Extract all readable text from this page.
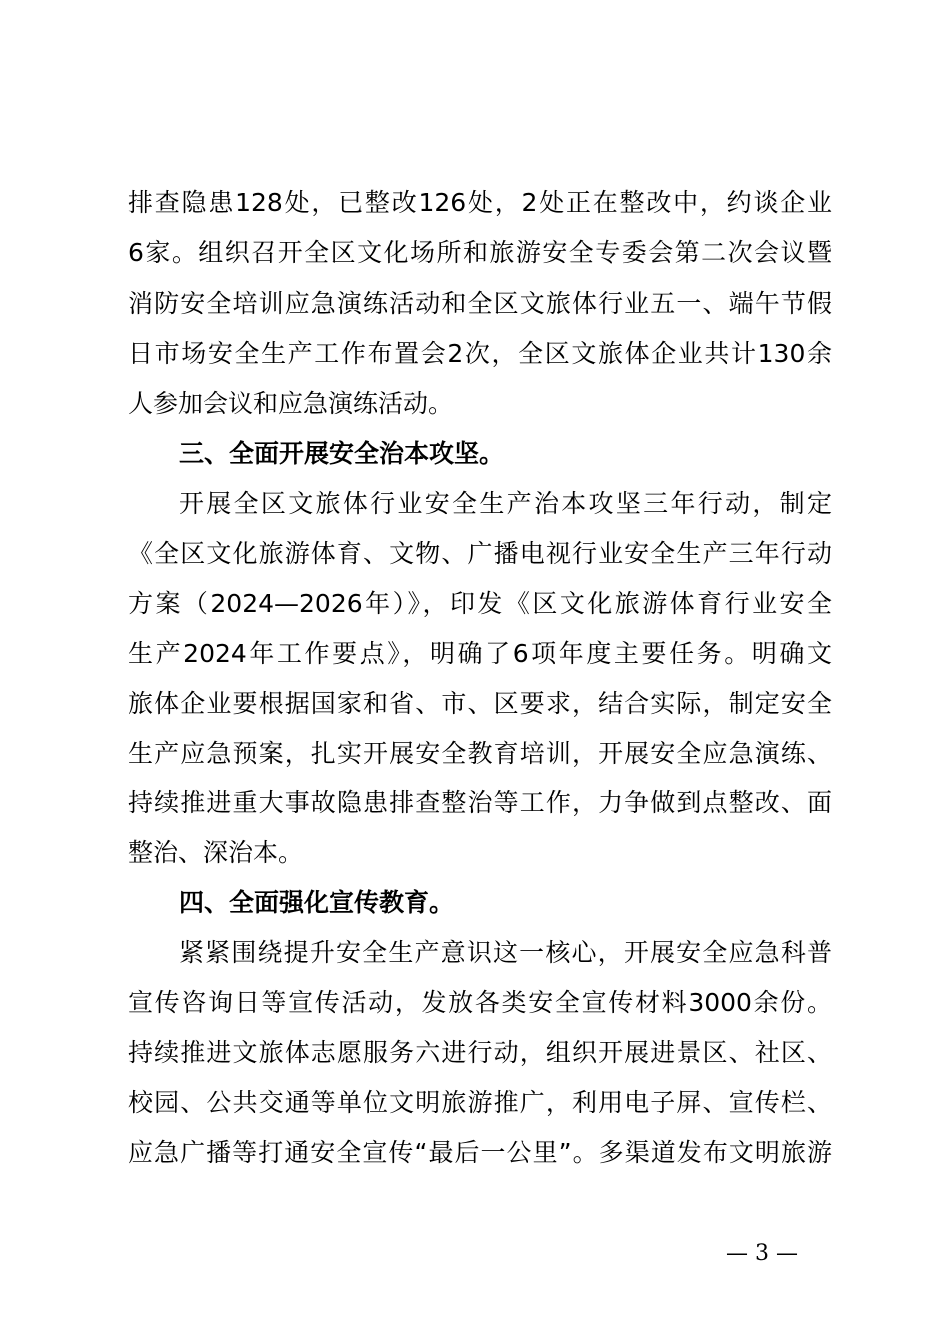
排查隐患128处，已整改126处，2处正在整改中，约谈企业
6家。组织召开全区文化场所和旅游安全专委会第二次会议暨
消防安全培训应急演练活动和全区文旅体行业五一、端午节假
日市场安全生产工作布置会2次，全区文旅体企业共计130余
人参加会议和应急演练活动。
三、全面开展安全治本攻坚。
开展全区文旅体行业安全生产治本攻坚三年行动，制定
《全区文化旅游体育、文物、广播电视行业安全生产三年行动
方案（2024—2026年）》，印发《区文化旅游体育行业安全
生产2024年工作要点》，明确了6项年度主要任务。明确文
旅体企业要根据国家和省、市、区要求，结合实际，制定安全
生产应急预案，扎实开展安全教育培训，开展安全应急演练、
持续推进重大事故隐患排查整治等工作，力争做到点整改、面
整治、深治本。
四、全面强化宣传教育。
紧紧围绕提升安全生产意识这一核心，开展安全应急科普
宣传咨询日等宣传活动，发放各类安全宣传材料3000余份。
持续推进文旅体志愿服务六进行动，组织开展进景区、社区、
校园、公共交通等单位文明旅游推广，利用电子屏、宣传栏、
应急广播等打通安全宣传“最后一公里”。多渠道发布文明旅游
— 3 —
